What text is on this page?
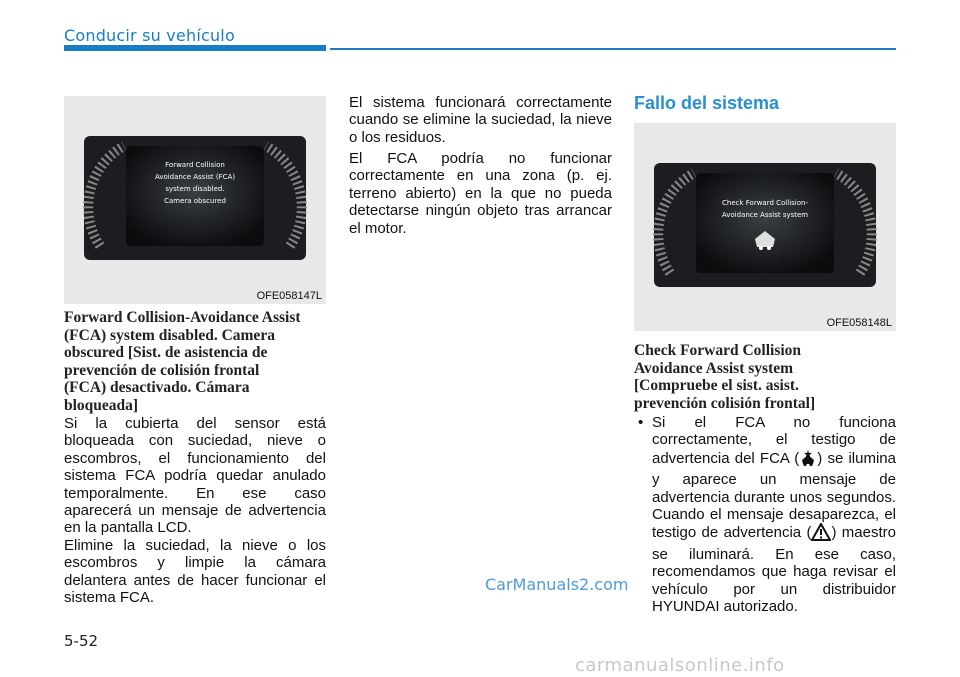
Conducir su vehículo
Forward Collision
Avoidance Assist (FCA)
system disabled.
Camera obscured
OFE058147L
Forward Collision-Avoidance Assist
(FCA) system disabled. Camera
obscured [Sist. de asistencia de
prevención de colisión frontal
(FCA) desactivado. Cámara
bloqueada]

Si la cubierta del sensor está bloqueada con suciedad, nieve o escombros, el funcionamiento del sistema FCA podría quedar anulado temporalmente. En ese caso aparecerá un mensaje de advertencia en la pantalla LCD.

Elimine la suciedad, la nieve o los escombros y limpie la cámara delantera antes de hacer funcionar el sistema FCA.

El sistema funcionará correctamente cuando se elimine la suciedad, la nieve o los residuos.

El FCA podría no funcionar correctamente en una zona (p. ej. terreno abierto) en la que no pueda detectarse ningún objeto tras arrancar el motor.

Fallo del sistema
Check Forward Collision-
Avoidance Assist system
OFE058148L
Check Forward Collision
Avoidance Assist system
[Compruebe el sist. asist.
prevención colisión frontal]
• Si el FCA no funciona correctamente, el testigo de advertencia del FCA ( ) se ilumina y aparece un mensaje de advertencia durante unos segundos. Cuando el mensaje desaparezca, el testigo de advertencia ( ) maestro se iluminará. En ese caso, recomendamos que haga revisar el vehículo por un distribuidor HYUNDAI autorizado.
CarManuals2.com
5-52
carmanualsonline.info
